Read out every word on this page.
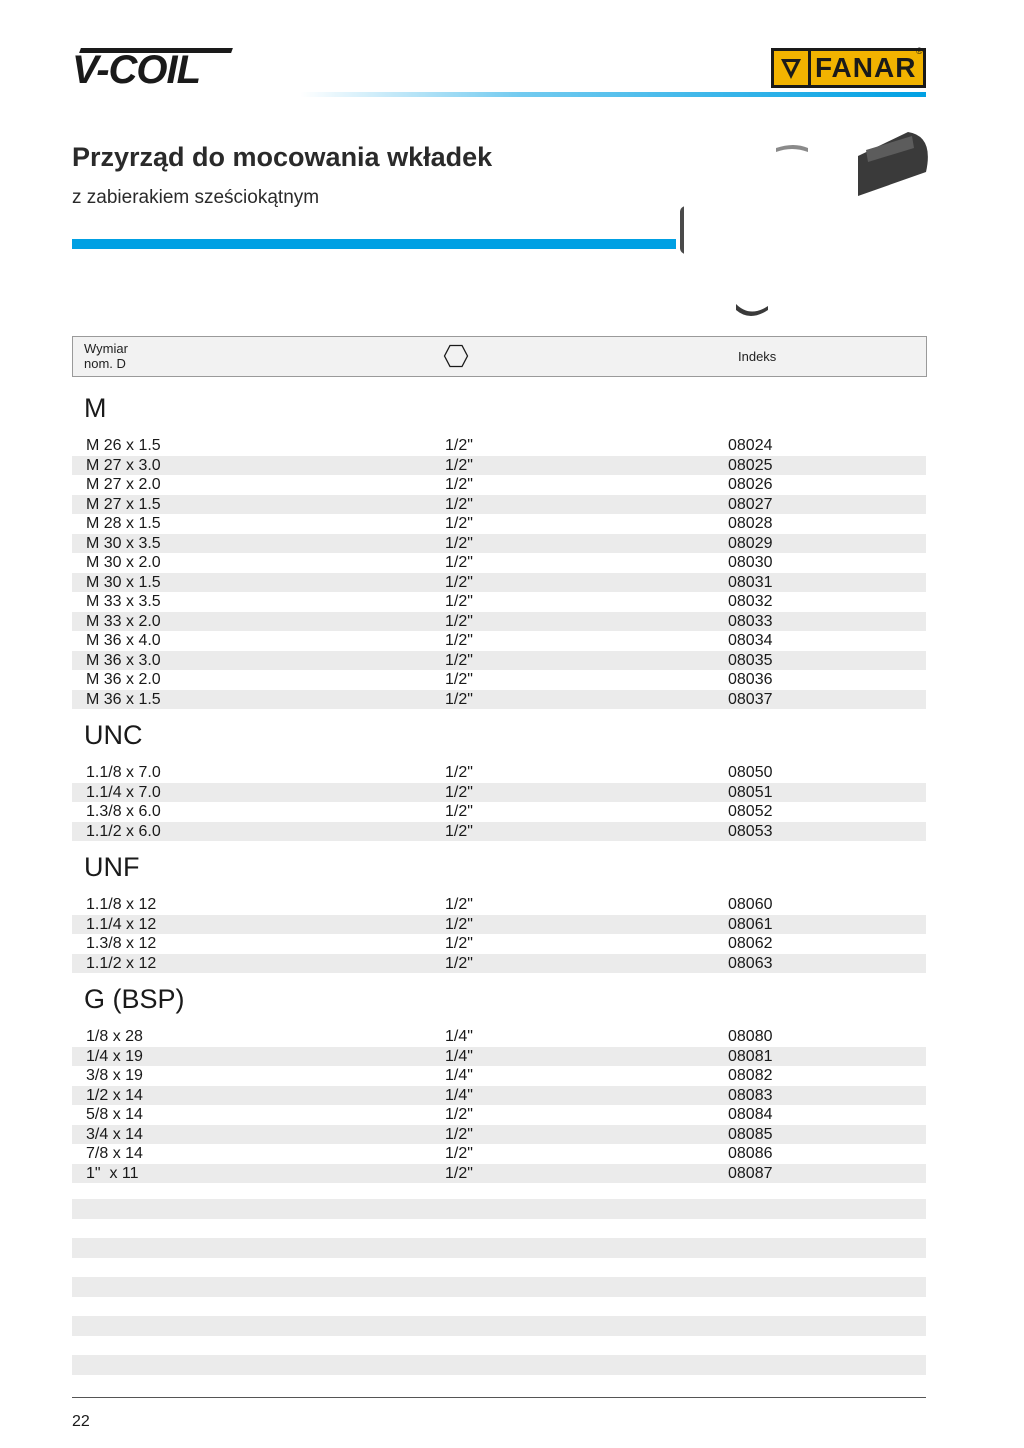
V-COIL	FANAR
®
Przyrząd do mocowania wkładek
z zabierakiem sześciokątnym
Wymiar
nom. D	Indeks
M
M 26 x 1.5	1/2"	08024
M 27 x 3.0	1/2"	08025
M 27 x 2.0	1/2"	08026
M 27 x 1.5	1/2"	08027
M 28 x 1.5	1/2"	08028
M 30 x 3.5	1/2"	08029
M 30 x 2.0	1/2"	08030
M 30 x 1.5	1/2"	08031
M 33 x 3.5	1/2"	08032
M 33 x 2.0	1/2"	08033
M 36 x 4.0	1/2"	08034
M 36 x 3.0	1/2"	08035
M 36 x 2.0	1/2"	08036
M 36 x 1.5	1/2"	08037
UNC
1.1/8 x 7.0	1/2"	08050
1.1/4 x 7.0	1/2"	08051
1.3/8 x 6.0	1/2"	08052
1.1/2 x 6.0	1/2"	08053
UNF
1.1/8 x 12	1/2"	08060
1.1/4 x 12	1/2"	08061
1.3/8 x 12	1/2"	08062
1.1/2 x 12	1/2"	08063
G (BSP)
1/8 x 28	1/4"	08080
1/4 x 19	1/4"	08081
3/8 x 19	1/4"	08082
1/2 x 14	1/4"	08083
5/8 x 14	1/2"	08084
3/4 x 14	1/2"	08085
7/8 x 14	1/2"	08086
1"  x 11	1/2"	08087
22
